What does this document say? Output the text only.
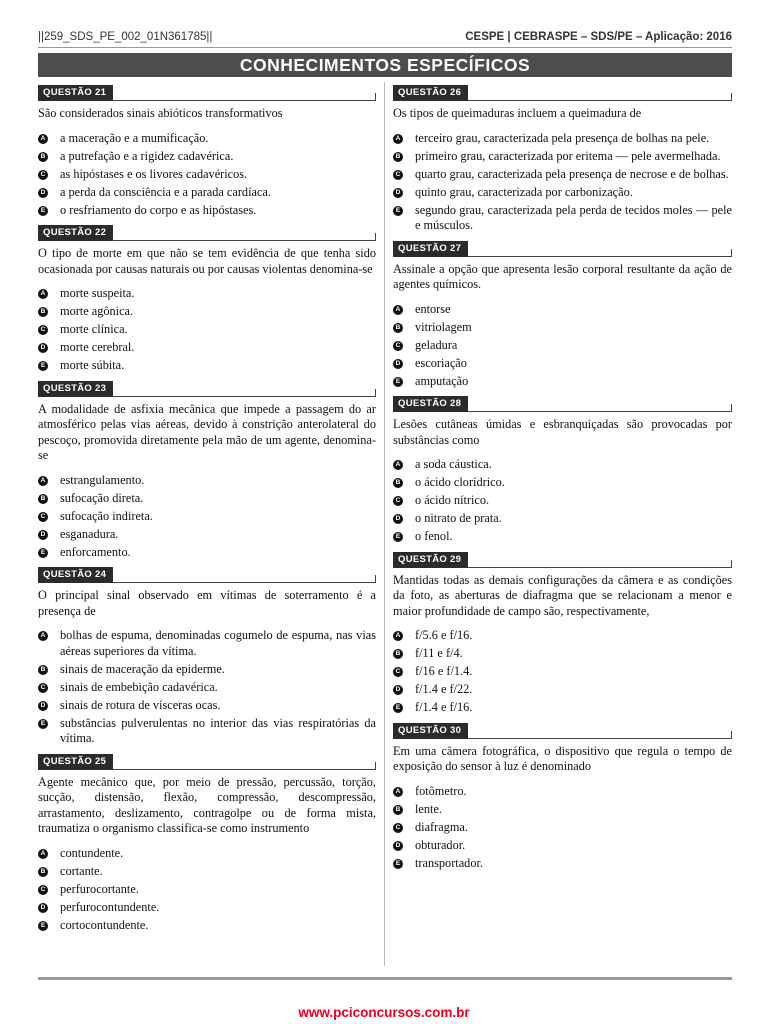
||259_SDS_PE_002_01N361785||	CESPE | CEBRASPE – SDS/PE – Aplicação: 2016
CONHECIMENTOS ESPECÍFICOS
QUESTÃO 21

São considerados sinais abióticos transformativos

A a maceração e a mumificação.
B a putrefação e a rigidez cadavérica.
C as hipóstases e os livores cadavéricos.
D a perda da consciência e a parada cardíaca.
E o resfriamento do corpo e as hipóstases.
QUESTÃO 22

O tipo de morte em que não se tem evidência de que tenha sido ocasionada por causas naturais ou por causas violentas denomina-se

A morte suspeita.
B morte agônica.
C morte clínica.
D morte cerebral.
E morte súbita.
QUESTÃO 23

A modalidade de asfixia mecânica que impede a passagem do ar atmosférico pelas vias aéreas, devido à constrição anterolateral do pescoço, promovida diretamente pela mão de um agente, denomina-se

A estrangulamento.
B sufocação direta.
C sufocação indireta.
D esganadura.
E enforcamento.
QUESTÃO 24

O principal sinal observado em vítimas de soterramento é a presença de

A bolhas de espuma, denominadas cogumelo de espuma, nas vias aéreas superiores da vítima.
B sinais de maceração da epiderme.
C sinais de embebição cadavérica.
D sinais de rotura de vísceras ocas.
E substâncias pulverulentas no interior das vias respiratórias da vítima.
QUESTÃO 25

Agente mecânico que, por meio de pressão, percussão, torção, sucção, distensão, flexão, compressão, descompressão, arrastamento, deslizamento, contragolpe ou de forma mista, traumatiza o organismo classifica-se como instrumento

A contundente.
B cortante.
C perfurocortante.
D perfurocontundente.
E cortocontundente.
QUESTÃO 26

Os tipos de queimaduras incluem a queimadura de

A terceiro grau, caracterizada pela presença de bolhas na pele.
B primeiro grau, caracterizada por eritema — pele avermelhada.
C quarto grau, caracterizada pela presença de necrose e de bolhas.
D quinto grau, caracterizada por carbonização.
E segundo grau, caracterizada pela perda de tecidos moles — pele e músculos.
QUESTÃO 27

Assinale a opção que apresenta lesão corporal resultante da ação de agentes químicos.

A entorse
B vitriolagem
C geladura
D escoriação
E amputação
QUESTÃO 28

Lesões cutâneas úmidas e esbranquiçadas são provocadas por substâncias como

A a soda cáustica.
B o ácido clorídrico.
C o ácido nítrico.
D o nitrato de prata.
E o fenol.
QUESTÃO 29

Mantidas todas as demais configurações da câmera e as condições da foto, as aberturas de diafragma que se relacionam a menor e maior profundidade de campo são, respectivamente,

A f/5.6 e f/16.
B f/11 e f/4.
C f/16 e f/1.4.
D f/1.4 e f/22.
E f/1.4 e f/16.
QUESTÃO 30

Em uma câmera fotográfica, o dispositivo que regula o tempo de exposição do sensor à luz é denominado

A fotômetro.
B lente.
C diafragma.
D obturador.
E transportador.
www.pciconcursos.com.br
